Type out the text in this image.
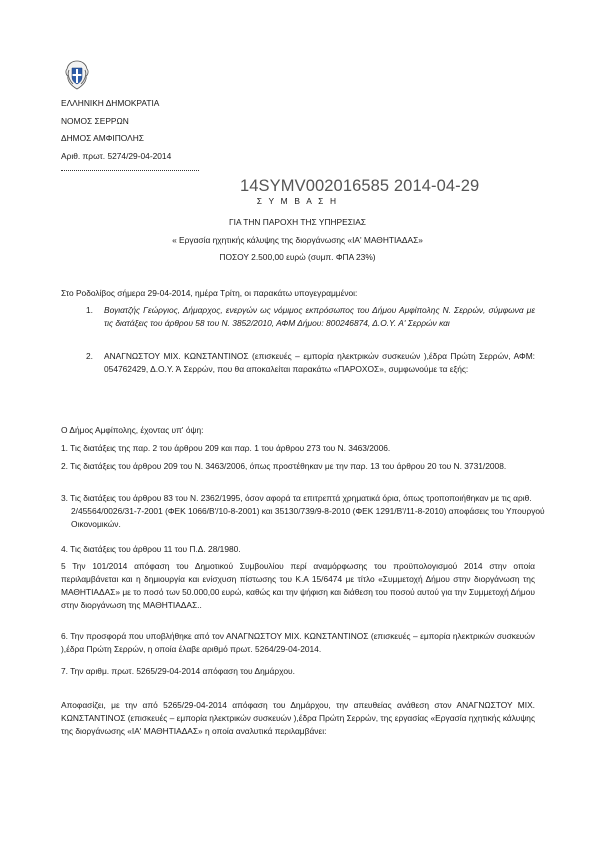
ΕΛΛΗΝΙΚΗ ΔΗΜΟΚΡΑΤΙΑ
ΝΟΜΟΣ ΣΕΡΡΩΝ
ΔΗΜΟΣ ΑΜΦΙΠΟΛΗΣ
Αριθ. πρωτ. 5274/29-04-2014
14SYMV002016585 2014-04-29
Σ Υ Μ Β Α Σ Η
ΓΙΑ ΤΗΝ ΠΑΡΟΧΗ ΤΗΣ ΥΠΗΡΕΣΙΑΣ
« Εργασία ηχητικής κάλυψης της διοργάνωσης «ΙΑ' ΜΑΘΗΤΙΑΔΑΣ»
ΠΟΣΟΥ 2.500,00 ευρώ (συμπ. ΦΠΑ 23%)
Στο Ροδολίβος σήμερα 29-04-2014, ημέρα Τρίτη, οι παρακάτω υπογεγραμμένοι:
1. Βογιατζής Γεώργιος, Δήμαρχος, ενεργών ως νόμιμος εκπρόσωπος του Δήμου Αμφίπολης Ν. Σερρών, σύμφωνα με τις διατάξεις του άρθρου 58 του Ν. 3852/2010, ΑΦΜ Δήμου: 800246874, Δ.Ο.Υ. Α' Σερρών και
2. ΑΝΑΓΝΩΣΤΟΥ ΜΙΧ. ΚΩΝΣΤΑΝΤΙΝΟΣ (επισκευές – εμπορία ηλεκτρικών συσκευών ),έδρα Πρώτη Σερρών, ΑΦΜ: 054762429, Δ.Ο.Υ. Ά Σερρών, που θα αποκαλείται παρακάτω «ΠΑΡΟΧΟΣ», συμφωνούμε τα εξής:
Ο Δήμος Αμφίπολης, έχοντας υπ' όψη:
1. Τις διατάξεις της παρ. 2 του άρθρου 209 και παρ. 1 του άρθρου 273 του Ν. 3463/2006.
2. Τις διατάξεις του άρθρου 209 του Ν. 3463/2006, όπως προστέθηκαν με την παρ. 13 του άρθρου 20 του Ν. 3731/2008.
3. Τις διατάξεις του άρθρου 83 του Ν. 2362/1995, όσον αφορά τα επιτρεπτά χρηματικά όρια, όπως τροποποιήθηκαν με τις αριθ. 2/45564/0026/31-7-2001 (ΦΕΚ 1066/Β'/10-8-2001) και 35130/739/9-8-2010 (ΦΕΚ 1291/Β'/11-8-2010) αποφάσεις του Υπουργού Οικονομικών.
4. Τις διατάξεις του άρθρου 11 του Π.Δ. 28/1980.
5 Την 101/2014 απόφαση του Δημοτικού Συμβουλίου περί αναμόρφωσης του προϋπολογισμού 2014 στην οποία περιλαμβάνεται και η δημιουργία και ενίσχυση πίστωσης του Κ.Α 15/6474 με τίτλο «Συμμετοχή Δήμου στην διοργάνωση της ΜΑΘΗΤΙΑΔΑΣ» με το ποσό των 50.000,00 ευρώ, καθώς και την ψήφιση και διάθεση του ποσού αυτού για την Συμμετοχή Δήμου στην διοργάνωση της ΜΑΘΗΤΙΑΔΑΣ..
6. Την προσφορά που υποβλήθηκε από τον ΑΝΑΓΝΩΣΤΟΥ ΜΙΧ. ΚΩΝΣΤΑΝΤΙΝΟΣ (επισκευές – εμπορία ηλεκτρικών συσκευών ),έδρα Πρώτη Σερρών, η οποία έλαβε αριθμό πρωτ. 5264/29-04-2014.
7. Την αριθμ. πρωτ. 5265/29-04-2014 απόφαση του Δημάρχου.
Αποφασίζει, με την από 5265/29-04-2014 απόφαση του Δημάρχου, την απευθείας ανάθεση στον ΑΝΑΓΝΩΣΤΟΥ ΜΙΧ. ΚΩΝΣΤΑΝΤΙΝΟΣ (επισκευές – εμπορία ηλεκτρικών συσκευών ),έδρα Πρώτη Σερρών, της εργασίας «Εργασία ηχητικής κάλυψης της διοργάνωσης «ΙΑ' ΜΑΘΗΤΙΑΔΑΣ» η οποία αναλυτικά περιλαμβάνει:
